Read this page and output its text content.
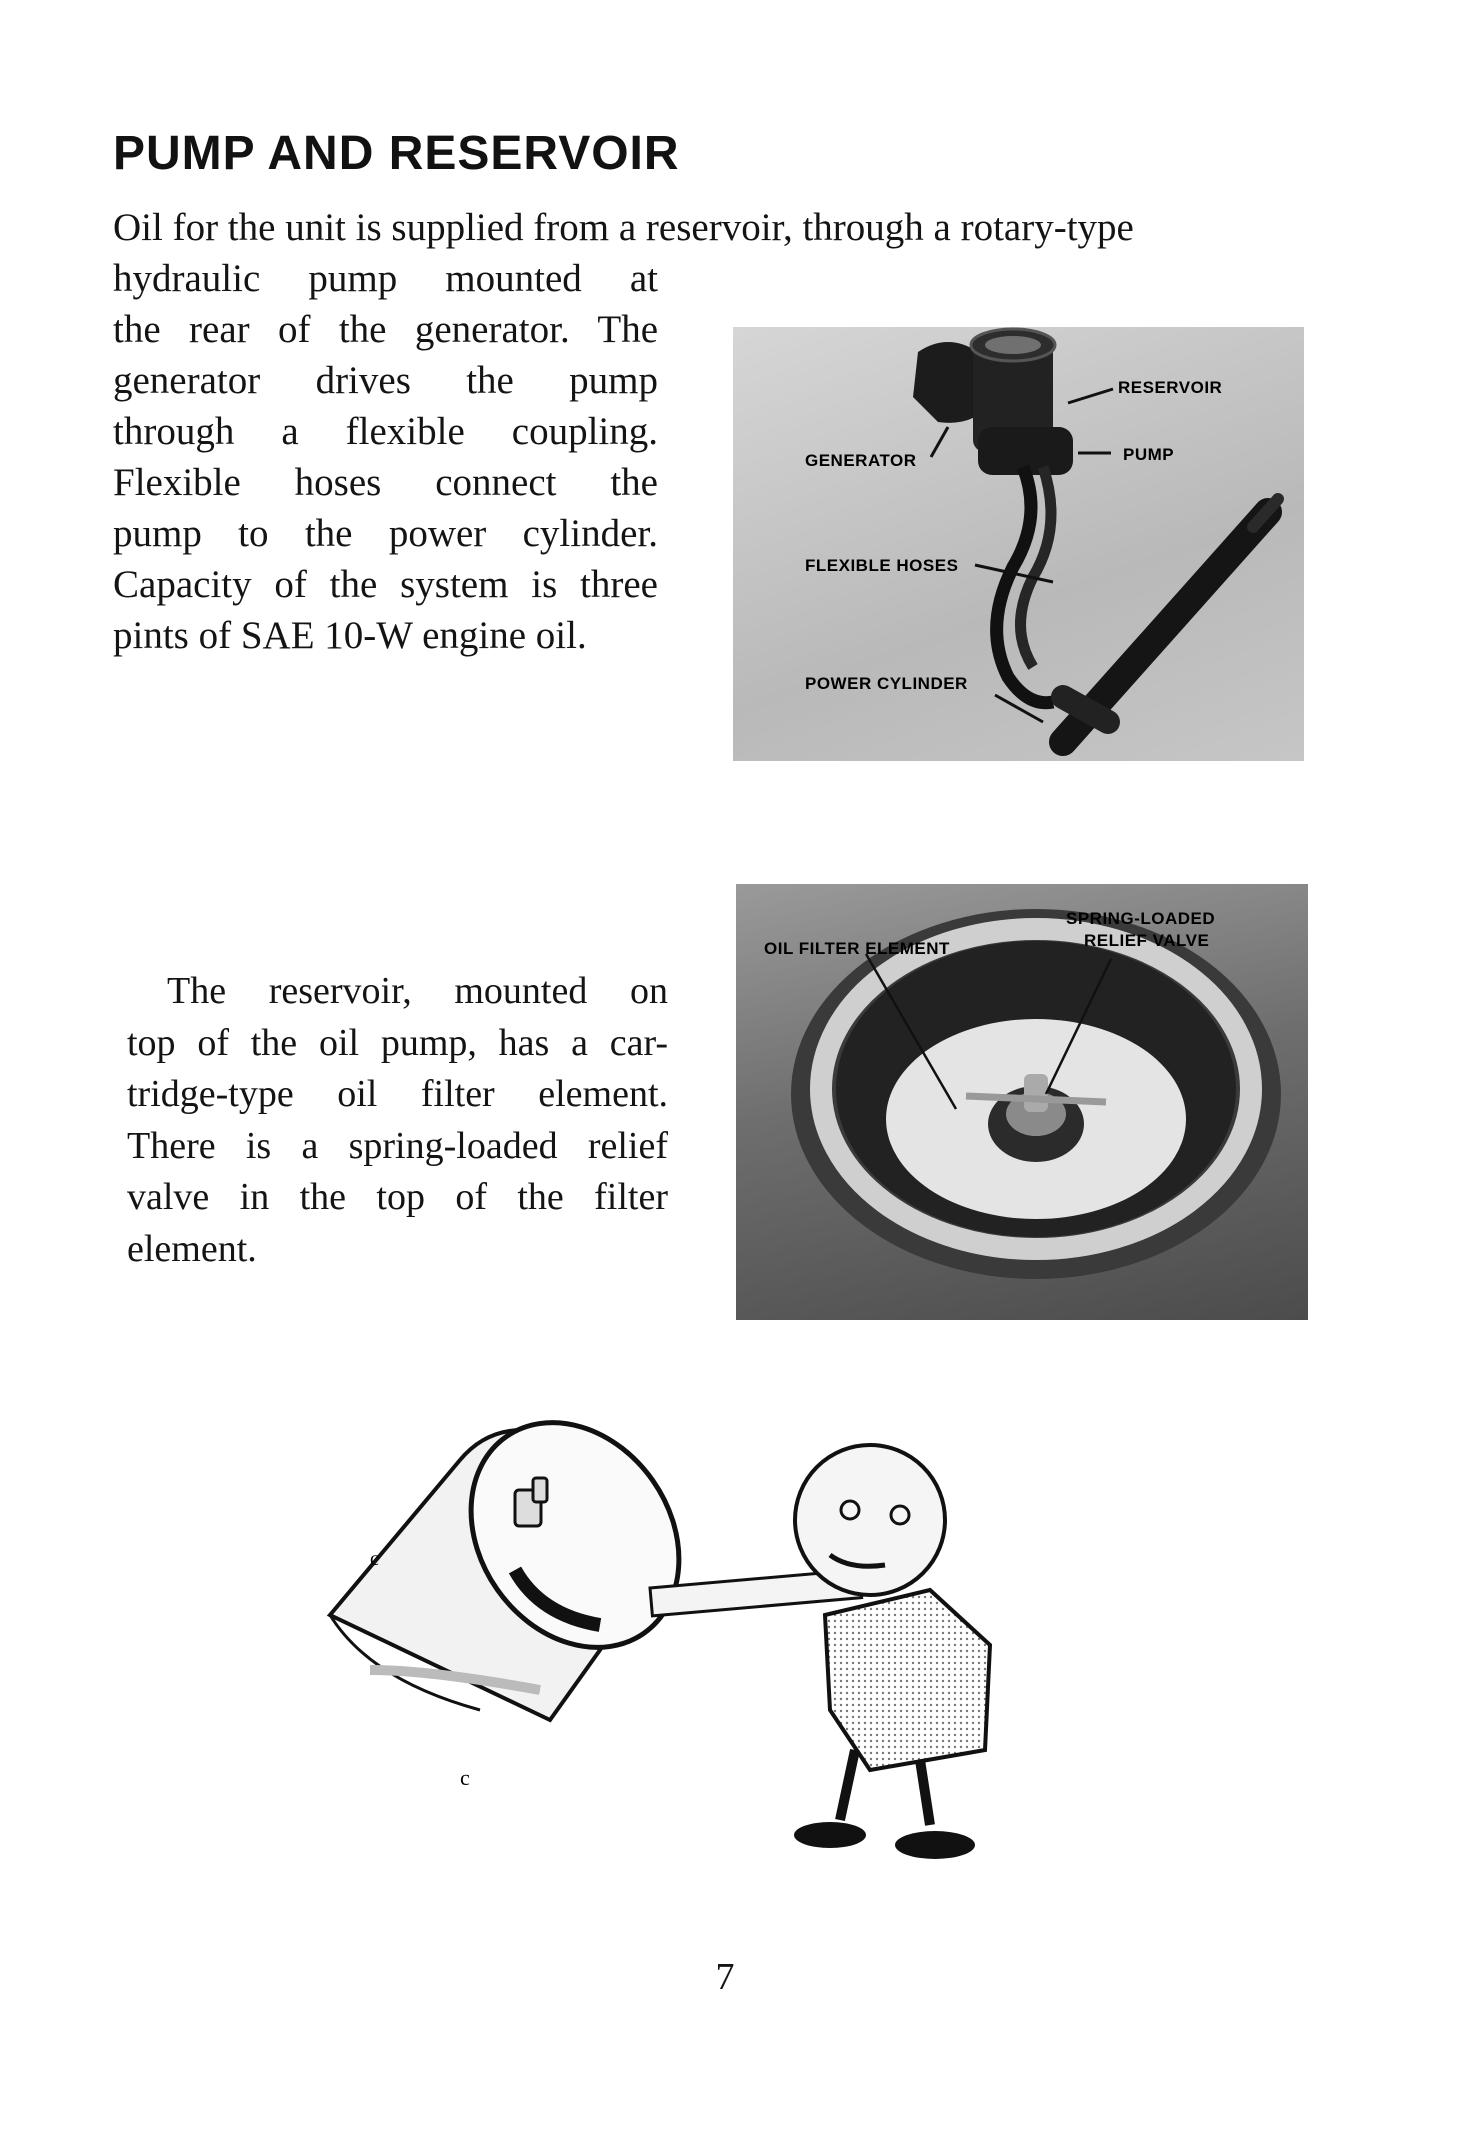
PUMP AND RESERVOIR

Oil for the unit is supplied from a reservoir, through a rotary-type

hydraulic pump mounted at
the rear of the generator. The
generator drives the pump
through a flexible coupling.
Flexible hoses connect the
pump to the power cylinder.
Capacity of the system is three
pints of SAE 10-W engine oil.

RESERVOIR
GENERATOR	PUMP
FLEXIBLE HOSES
POWER CYLINDER

The reservoir, mounted on
top of the oil pump, has a car-
tridge-type oil filter element.
There is a spring-loaded relief
valve in the top of the filter
element.

OIL FILTER ELEMENT
SPRING-LOADED
RELIEF VALVE
c
c
7
